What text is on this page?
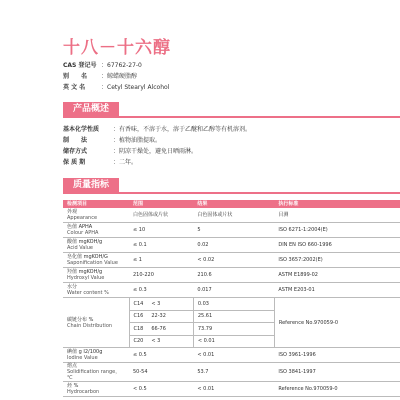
十八－十六醇
CAS 登记号 ：67762-27-0
别　　名	：鲸蜡硬脂醇
英 文 名	：Cetyl Stearyl Alcohol
产品概述
基本化学性质	：有香味，不溶于水，溶于乙醚和乙醇等有机溶剂。
制　　法	：植物油脂提取。
储存方式	：阴凉干燥处，避免日晒雨淋。
保 质 期	：二年。
质量指标
检测项目	范围		结果	执行标准

外观
Appearance	白色固体或片状		白色固体或片状	目测

色值 APHA
Colour APHA	≤ 10		5	ISO 6271-1:2004(E)

酸值 mgKOH/g
Acid Value	≤ 0.1		0.02	DIN EN ISO 660-1996

皂化值 mgKOH/G
Saponification Value	≤ 1		< 0.02	ISO 3657:2002(E)

羟值 mgKOH/g
Hydroxyl Value	210-220		210.6	ASTM E1899-02

水分
Water content %	≤ 0.3		0.017	ASTM E203-01

碳链分布 %
Chain Distribution	C14	< 3	0.03	Reference No.970059-0
	C16	22-32	25.61	
	C18	66-76	73.79	
	C20	< 3	< 0.01	

碘值 g I2/100g
Iodine Value	≤ 0.5		< 0.01	ISO 3961-1996

熔点
Solidification range，℃	50-54		53.7	ISO 3841-1997

烃 %
Hydrocarbon	< 0.5		< 0.01	Reference No.970059-0
